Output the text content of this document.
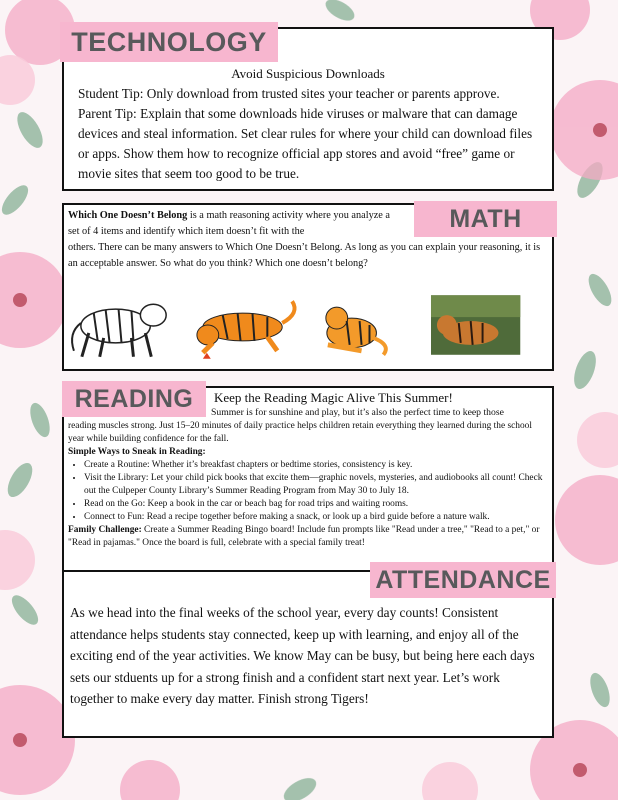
Avoid Suspicious Downloads

Student Tip: Only download from trusted sites your teacher or parents approve.

Parent Tip: Explain that some downloads hide viruses or malware that can damage devices and steal information. Set clear rules for where your child can download files or apps. Show them how to recognize official app stores and avoid “free” game or movie sites that seem too good to be true.

TECHNOLOGY
Which One Doesn’t Belong is a math reasoning activity where you analyze a set of 4 items and identify which item doesn’t fit with the
others. There can be many answers to Which One Doesn’t Belong. As long as you can explain your reasoning, it is an acceptable answer. So what do you think? Which one doesn’t belong?
MATH

Keep the Reading Magic Alive This Summer!

Summer is for sunshine and play, but it’s also the perfect time to keep those

reading muscles strong. Just 15–20 minutes of daily practice helps children retain everything they learned during the school year while building confidence for the fall.

Simple Ways to Sneak in Reading:

• Create a Routine: Whether it’s breakfast chapters or bedtime stories, consistency is key.
• Visit the Library: Let your child pick books that excite them—graphic novels, mysteries, and audiobooks all count! Check out the Culpeper County Library’s Summer Reading Program from May 30 to July 18.
• Read on the Go: Keep a book in the car or beach bag for road trips and waiting rooms.
• Connect to Fun: Read a recipe together before making a snack, or look up a bird guide before a nature walk.

Family Challenge: Create a Summer Reading Bingo board! Include fun prompts like "Read under a tree," "Read to a pet," or "Read in pajamas." Once the board is full, celebrate with a special family treat!

READING

As we head into the final weeks of the school year, every day counts! Consistent attendance helps students stay connected, keep up with learning, and enjoy all of the exciting end of the year activities. We know May can be busy, but being here each days sets our stduents up for a strong finish and a confident start next year. Let’s work together to make every day matter. Finish strong Tigers!

ATTENDANCE
